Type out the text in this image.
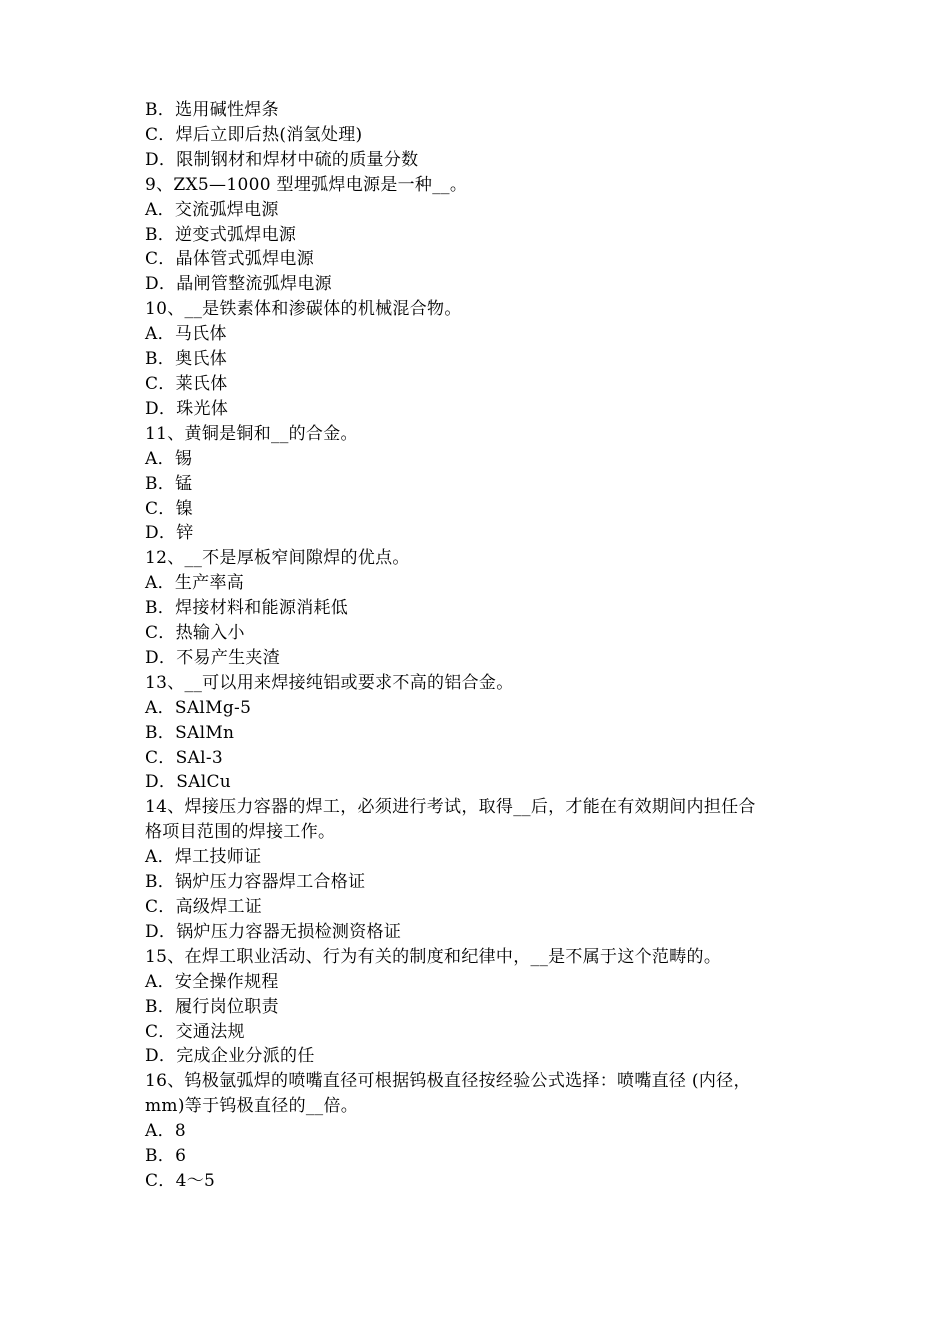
B．选用碱性焊条
C．焊后立即后热(消氢处理)
D．限制钢材和焊材中硫的质量分数
9、ZX5—1000 型埋弧焊电源是一种__。
A．交流弧焊电源
B．逆变式弧焊电源
C．晶体管式弧焊电源
D．晶闸管整流弧焊电源
10、__是铁素体和渗碳体的机械混合物。
A．马氏体
B．奥氏体
C．莱氏体
D．珠光体
11、黄铜是铜和__的合金。
A．锡
B．锰
C．镍
D．锌
12、__不是厚板窄间隙焊的优点。
A．生产率高
B．焊接材料和能源消耗低
C．热输入小
D．不易产生夹渣
13、__可以用来焊接纯铝或要求不高的铝合金。
A．SAlMg-5
B．SAlMn
C．SAl-3
D．SAlCu
14、焊接压力容器的焊工，必须进行考试，取得__后，才能在有效期间内担任合
格项目范围的焊接工作。
A．焊工技师证
B．锅炉压力容器焊工合格证
C．高级焊工证
D．锅炉压力容器无损检测资格证
15、在焊工职业活动、行为有关的制度和纪律中，__是不属于这个范畴的。
A．安全操作规程
B．履行岗位职责
C．交通法规
D．完成企业分派的任
16、钨极氩弧焊的喷嘴直径可根据钨极直径按经验公式选择：喷嘴直径 (内径，
mm)等于钨极直径的__倍。
A．8
B．6
C．4～5
